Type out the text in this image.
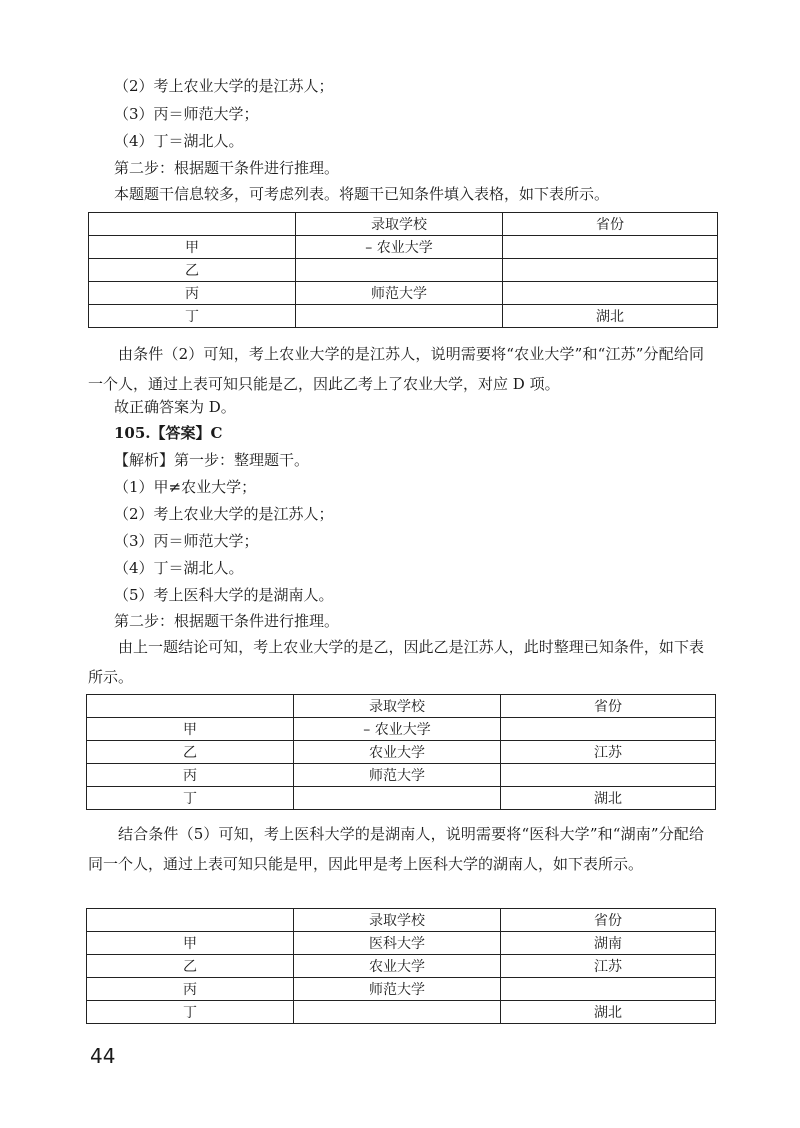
（2）考上农业大学的是江苏人；
（3）丙＝师范大学；
（4）丁＝湖北人。
第二步：根据题干条件进行推理。
本题题干信息较多，可考虑列表。将题干已知条件填入表格，如下表所示。
	录取学校	省份
甲	– 农业大学	
乙		
丙	师范大学	
丁		湖北
由条件（2）可知，考上农业大学的是江苏人，说明需要将“农业大学”和“江苏”分配给同一个人，通过上表可知只能是乙，因此乙考上了农业大学，对应 D 项。
故正确答案为 D。
105.【答案】C
【解析】第一步：整理题干。
（1）甲≠农业大学；
（2）考上农业大学的是江苏人；
（3）丙＝师范大学；
（4）丁＝湖北人。
（5）考上医科大学的是湖南人。
第二步：根据题干条件进行推理。
由上一题结论可知，考上农业大学的是乙，因此乙是江苏人，此时整理已知条件，如下表所示。
	录取学校	省份
甲	– 农业大学	
乙	农业大学	江苏
丙	师范大学	
丁		湖北
结合条件（5）可知，考上医科大学的是湖南人，说明需要将“医科大学”和“湖南”分配给同一个人，通过上表可知只能是甲，因此甲是考上医科大学的湖南人，如下表所示。
	录取学校	省份
甲	医科大学	湖南
乙	农业大学	江苏
丙	师范大学	
丁		湖北
44
